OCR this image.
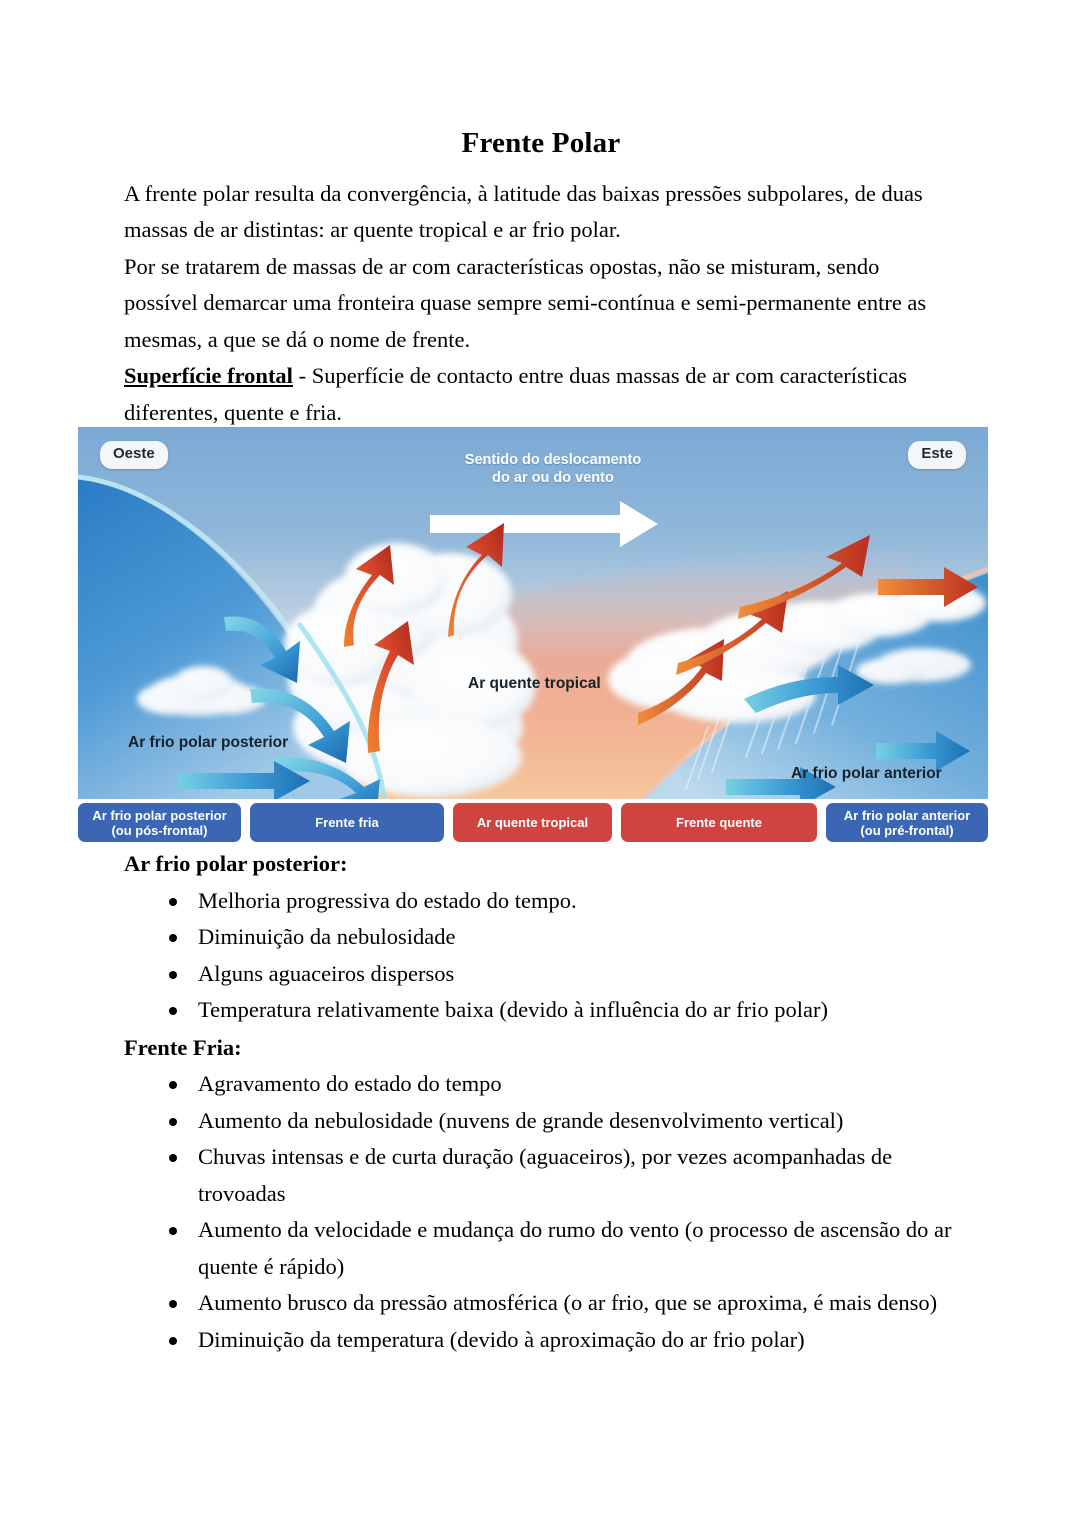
Frente Polar

A frente polar resulta da convergência, à latitude das baixas pressões subpolares, de duas massas de ar distintas: ar quente tropical e ar frio polar.

Por se tratarem de massas de ar com características opostas, não se misturam, sendo possível demarcar uma fronteira quase sempre semi-contínua e semi-permanente entre as mesmas, a que se dá o nome de frente.

Superfície frontal - Superfície de contacto entre duas massas de ar com características diferentes, quente e fria.

Oeste	Este
Sentido do deslocamento
do ar ou do vento
Ar frio polar posterior
Ar quente tropical
Ar frio polar anterior
Ar frio polar posterior
(ou pós-frontal)	Frente fria	Ar quente tropical	Frente quente	Ar frio polar anterior
(ou pré-frontal)

Ar frio polar posterior:

Melhoria progressiva do estado do tempo.
Diminuição da nebulosidade
Alguns aguaceiros dispersos
Temperatura relativamente baixa (devido à influência do ar frio polar)

Frente Fria:

Agravamento do estado do tempo
Aumento da nebulosidade (nuvens de grande desenvolvimento vertical)
Chuvas intensas e de curta duração (aguaceiros), por vezes acompanhadas de trovoadas
Aumento da velocidade e mudança do rumo do vento (o processo de ascensão do ar quente é rápido)
Aumento brusco da pressão atmosférica (o ar frio, que se aproxima, é mais denso)
Diminuição da temperatura (devido à aproximação do ar frio polar)
